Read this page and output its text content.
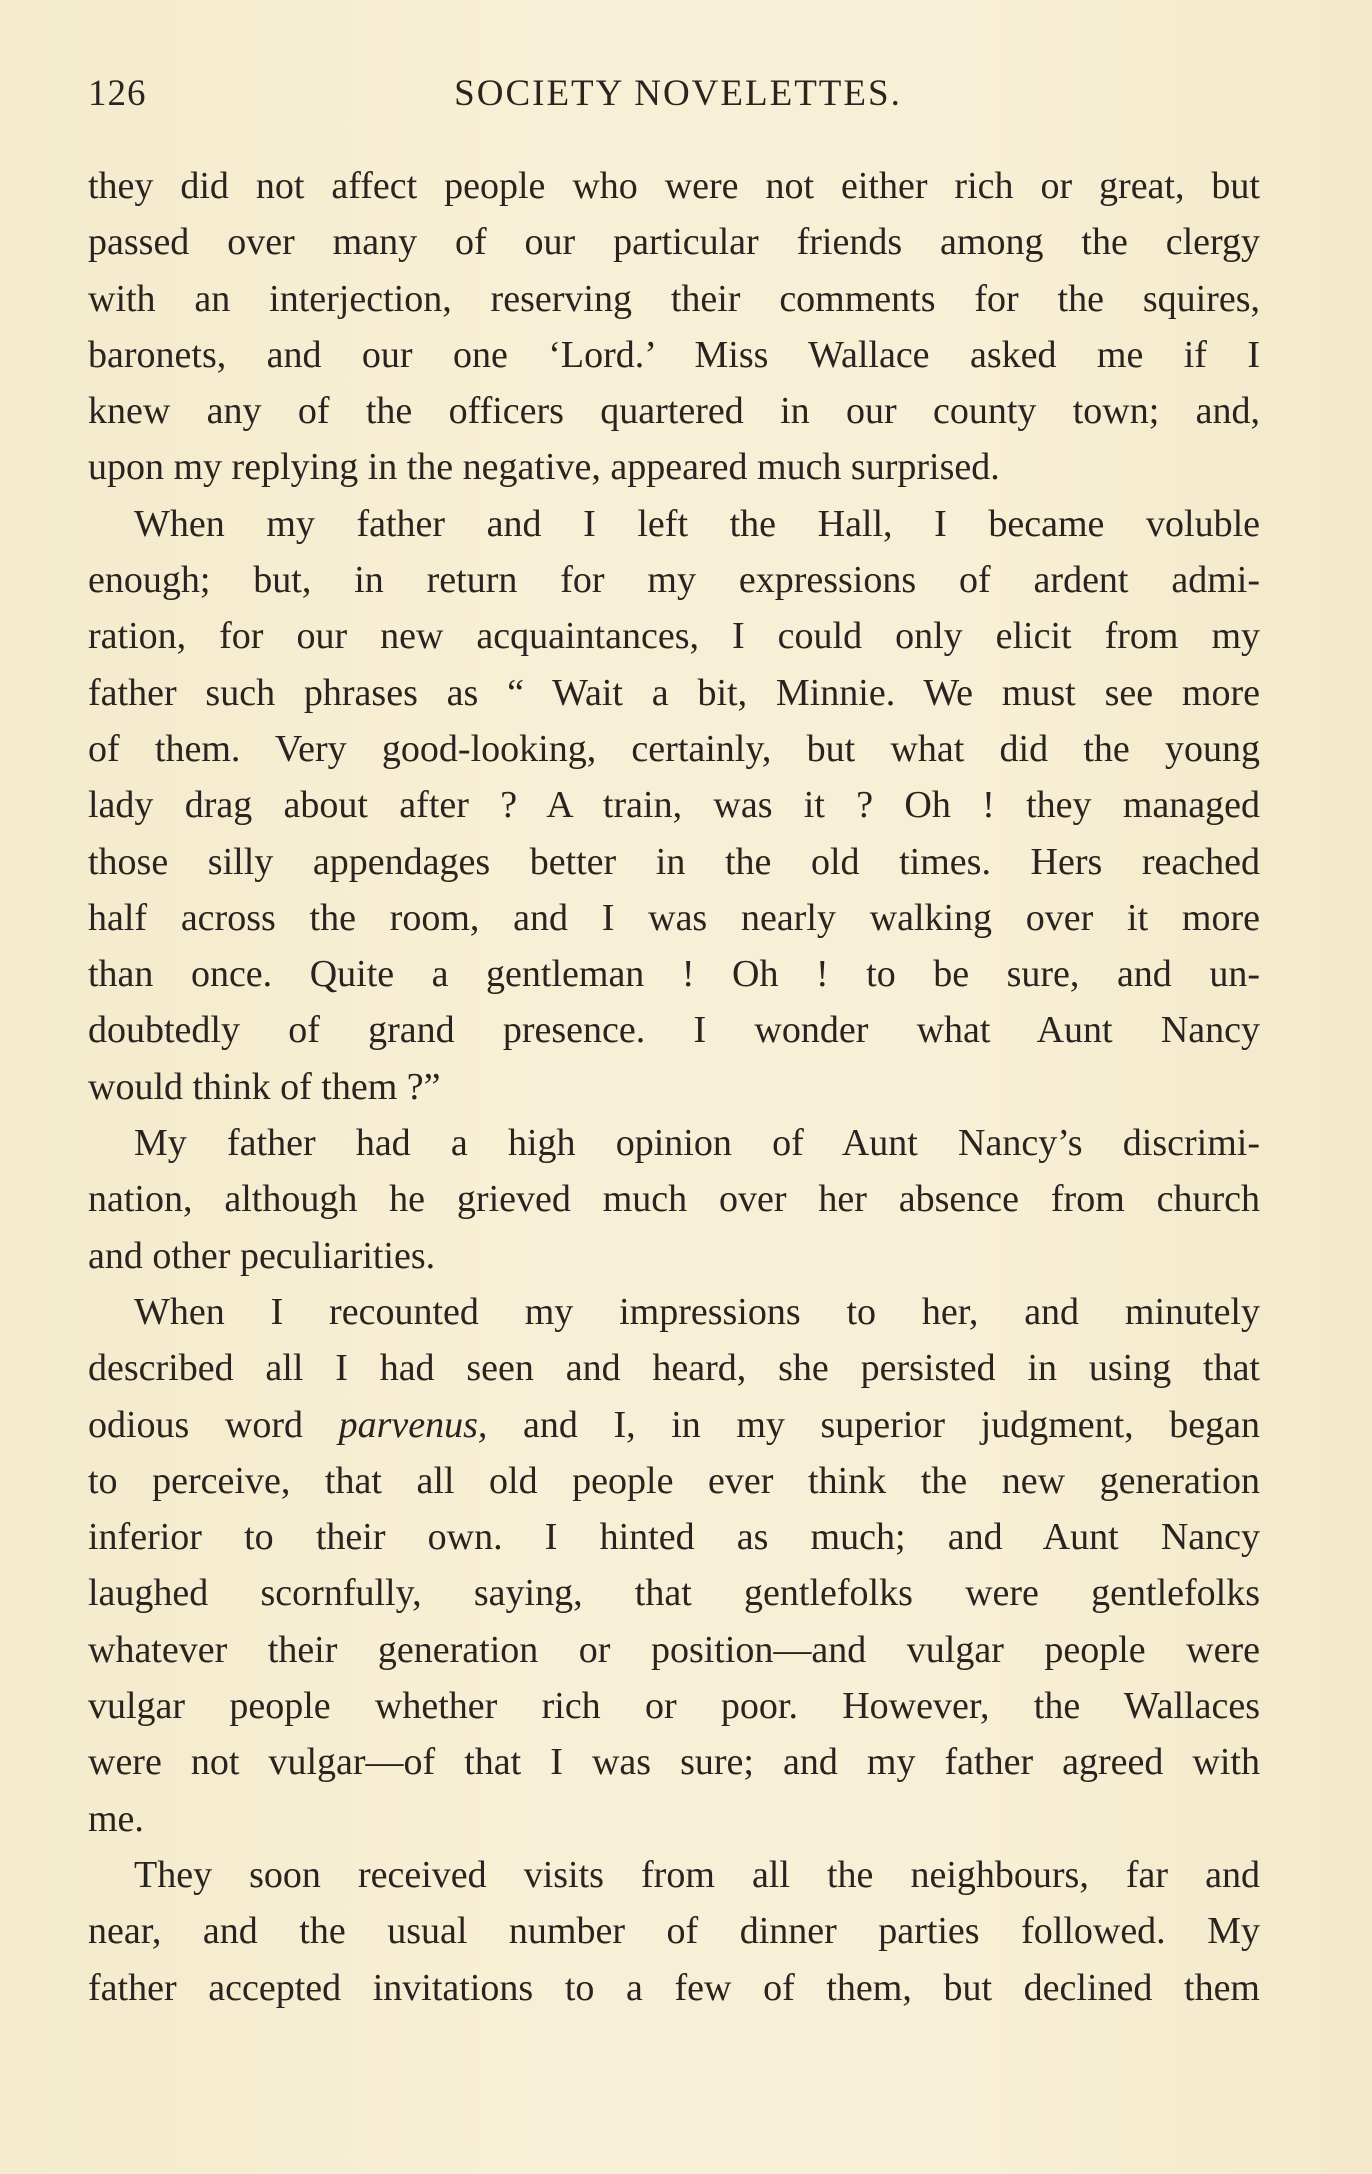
126	SOCIETY NOVELETTES.

they did not affect people who were not either rich or great, but

passed over many of our particular friends among the clergy

with an interjection, reserving their comments for the squires,

baronets, and our one ‘Lord.’ Miss Wallace asked me if I

knew any of the officers quartered in our county town; and,

upon my replying in the negative, appeared much surprised.

When my father and I left the Hall, I became voluble

enough; but, in return for my expressions of ardent admi-

ration, for our new acquaintances, I could only elicit from my

father such phrases as “ Wait a bit, Minnie. We must see more

of them. Very good-looking, certainly, but what did the young

lady drag about after ? A train, was it ? Oh ! they managed

those silly appendages better in the old times. Hers reached

half across the room, and I was nearly walking over it more

than once. Quite a gentleman ! Oh ! to be sure, and un-

doubtedly of grand presence. I wonder what Aunt Nancy

would think of them ?”

My father had a high opinion of Aunt Nancy’s discrimi-

nation, although he grieved much over her absence from church

and other peculiarities.

When I recounted my impressions to her, and minutely

described all I had seen and heard, she persisted in using that

odious word parvenus, and I, in my superior judgment, began

to perceive, that all old people ever think the new generation

inferior to their own. I hinted as much; and Aunt Nancy

laughed scornfully, saying, that gentlefolks were gentlefolks

whatever their generation or position—and vulgar people were

vulgar people whether rich or poor. However, the Wallaces

were not vulgar—of that I was sure; and my father agreed with

me.

They soon received visits from all the neighbours, far and

near, and the usual number of dinner parties followed. My

father accepted invitations to a few of them, but declined them
